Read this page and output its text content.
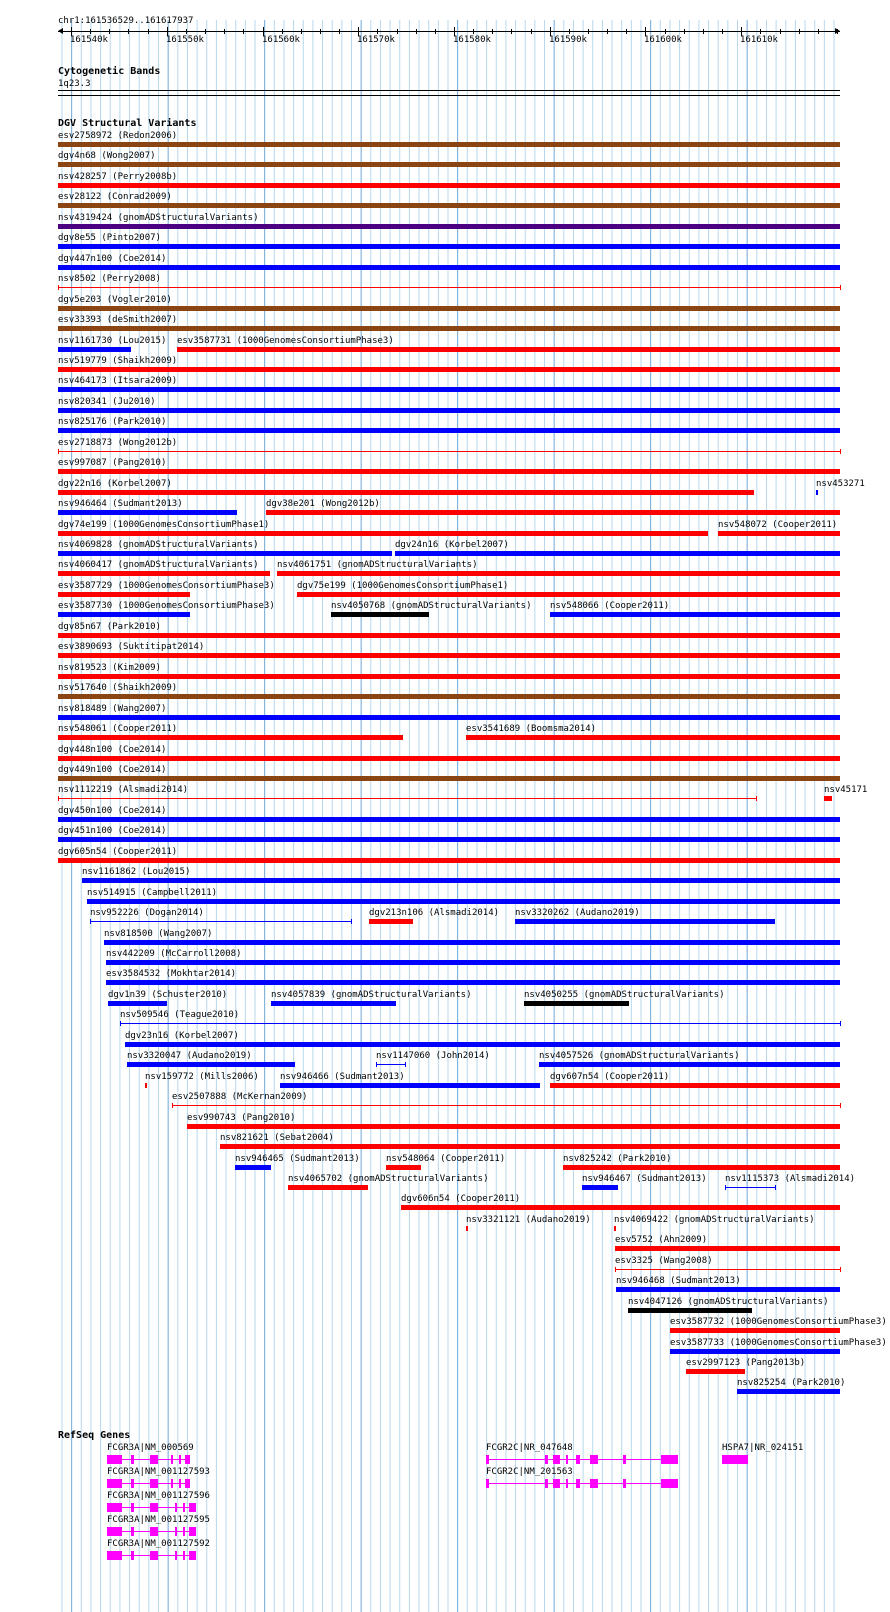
chr1:161536529..161617937
161540k	161550k	161560k	161570k	161580k	161590k	161600k	161610k
Cytogenetic Bands
1q23.3
DGV Structural Variants
esv2758972 (Redon2006)
dgv4n68 (Wong2007)
nsv428257 (Perry2008b)
esv28122 (Conrad2009)
nsv4319424 (gnomADStructuralVariants)
dgv8e55 (Pinto2007)
dgv447n100 (Coe2014)
nsv8502 (Perry2008)
dgv5e203 (Vogler2010)
esv33393 (deSmith2007)
nsv1161730 (Lou2015) esv3587731 (1000GenomesConsortiumPhase3)
nsv519779 (Shaikh2009)
nsv464173 (Itsara2009)
nsv820341 (Ju2010)
nsv825176 (Park2010)
esv2718873 (Wong2012b)
esv997087 (Pang2010)
dgv22n16 (Korbel2007)	nsv453271
nsv946464 (Sudmant2013)	dgv38e201 (Wong2012b)
dgv74e199 (1000GenomesConsortiumPhase1)	nsv548072 (Cooper2011)
nsv4069828 (gnomADStructuralVariants)	dgv24n16 (Korbel2007)
nsv4060417 (gnomADStructuralVariants) nsv4061751 (gnomADStructuralVariants)
esv3587729 (1000GenomesConsortiumPhase3) dgv75e199 (1000GenomesConsortiumPhase1)
esv3587730 (1000GenomesConsortiumPhase3)	nsv4050768 (gnomADStructuralVariants) nsv548066 (Cooper2011)
dgv85n67 (Park2010)
esv3890693 (Suktitipat2014)
nsv819523 (Kim2009)
nsv517640 (Shaikh2009)
nsv818489 (Wang2007)
nsv548061 (Cooper2011)	esv3541689 (Boomsma2014)
dgv448n100 (Coe2014)
dgv449n100 (Coe2014)
nsv1112219 (Alsmadi2014)	nsv45171
dgv450n100 (Coe2014)
dgv451n100 (Coe2014)
dgv605n54 (Cooper2011)
nsv1161862 (Lou2015)
nsv514915 (Campbell2011)
nsv952226 (Dogan2014)	dgv213n106 (Alsmadi2014) nsv3320262 (Audano2019)
nsv818500 (Wang2007)
nsv442209 (McCarroll2008)
esv3584532 (Mokhtar2014)
dgv1n39 (Schuster2010)	nsv4057839 (gnomADStructuralVariants)	nsv4050255 (gnomADStructuralVariants)
nsv509546 (Teague2010)
dgv23n16 (Korbel2007)
nsv3320047 (Audano2019)	nsv1147060 (John2014)	nsv4057526 (gnomADStructuralVariants)
nsv159772 (Mills2006) nsv946466 (Sudmant2013)	dgv607n54 (Cooper2011)
esv2507888 (McKernan2009)
esv990743 (Pang2010)
nsv821621 (Sebat2004)
nsv946465 (Sudmant2013)	nsv548064 (Cooper2011)	nsv825242 (Park2010)
nsv4065702 (gnomADStructuralVariants)	nsv946467 (Sudmant2013) nsv1115373 (Alsmadi2014)
dgv606n54 (Cooper2011)
nsv3321121 (Audano2019)	nsv4069422 (gnomADStructuralVariants)
esv5752 (Ahn2009)
esv3325 (Wang2008)
nsv946468 (Sudmant2013)
nsv4047126 (gnomADStructuralVariants)
esv3587732 (1000GenomesConsortiumPhase3)
esv3587733 (1000GenomesConsortiumPhase3)
esv2997123 (Pang2013b)
nsv825254 (Park2010)
RefSeq Genes
FCGR3A|NM_000569
FCGR3A|NM_001127593
FCGR3A|NM_001127596
FCGR3A|NM_001127595
FCGR3A|NM_001127592
FCGR2C|NR_047648
FCGR2C|NM_201563
HSPA7|NR_024151
